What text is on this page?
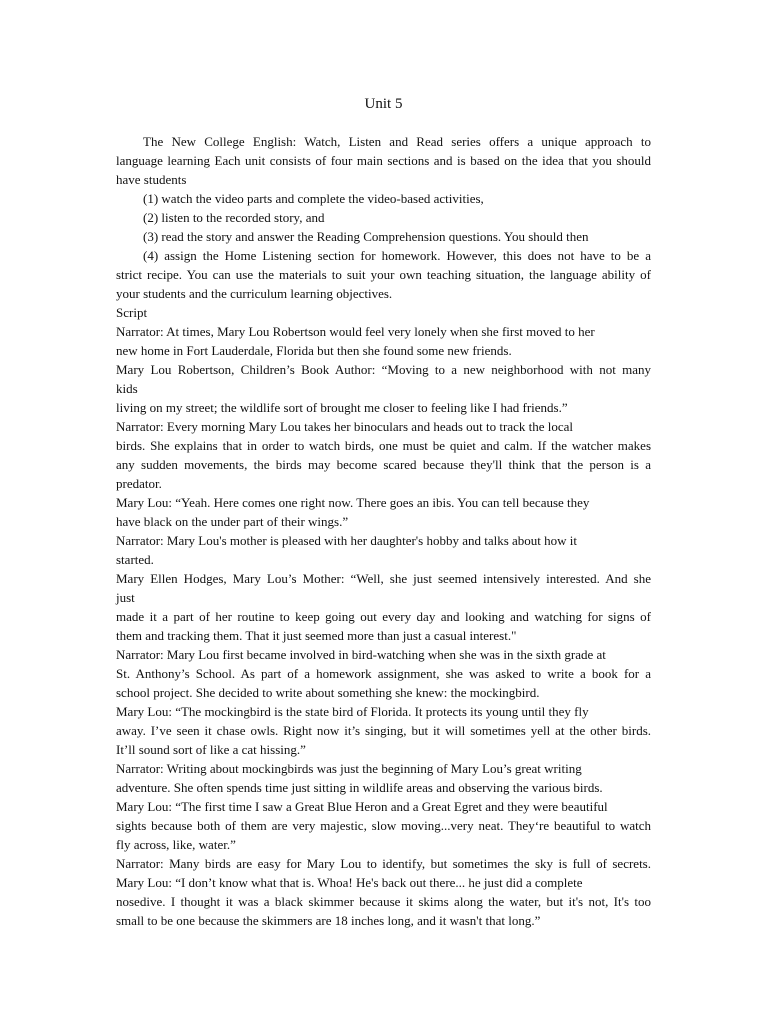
Unit 5
The New College English: Watch, Listen and Read series offers a unique approach to
language learning Each unit consists of four main sections and is based on the idea that you should
have students
(1) watch the video parts and complete the video-based activities,
(2) listen to the recorded story, and
(3) read the story and answer the Reading Comprehension questions. You should then
(4) assign the Home Listening section for homework. However, this does not have to be a
strict recipe. You can use the materials to suit your own teaching situation, the language ability of
your students and the curriculum learning objectives.
Script
Narrator: At times, Mary Lou Robertson would feel very lonely when she first moved to her
new home in Fort Lauderdale, Florida but then she found some new friends.
Mary Lou Robertson, Children’s Book Author: “Moving to a new neighborhood with not many
kids
living on my street; the wildlife sort of brought me closer to feeling like I had friends.”
Narrator: Every morning Mary Lou takes her binoculars and heads out to track the local
birds. She explains that in order to watch birds, one must be quiet and calm. If the watcher makes
any sudden movements, the birds may become scared because they'll think that the person is a
predator.
Mary Lou: “Yeah. Here comes one right now. There goes an ibis. You can tell because they
have black on the under part of their wings.”
Narrator: Mary Lou's mother is pleased with her daughter's hobby and talks about how it
started.
Mary Ellen Hodges, Mary Lou’s Mother: “Well, she just seemed intensively interested. And she
just
made it a part of her routine to keep going out every day and looking and watching for signs of
them and tracking them. That it just seemed more than just a casual interest."
Narrator: Mary Lou first became involved in bird-watching when she was in the sixth grade at
St. Anthony’s School. As part of a homework assignment, she was asked to write a book for a
school project. She decided to write about something she knew: the mockingbird.
Mary Lou: “The mockingbird is the state bird of Florida. It protects its young until they fly
away. I’ve seen it chase owls. Right now it’s singing, but it will sometimes yell at the other birds.
It’ll sound sort of like a cat hissing.”
Narrator: Writing about mockingbirds was just the beginning of Mary Lou’s great writing
adventure. She often spends time just sitting in wildlife areas and observing the various birds.
Mary Lou: “The first time I saw a Great Blue Heron and a Great Egret and they were beautiful
sights because both of them are very majestic, slow moving...very neat. They‘re beautiful to watch
fly across, like, water.”
Narrator: Many birds are easy for Mary Lou to identify, but sometimes the sky is full of secrets.
Mary Lou: “I don’t know what that is. Whoa! He's back out there... he just did a complete
nosedive. I thought it was a black skimmer because it skims along the water, but it's not, It's too
small to be one because the skimmers are 18 inches long, and it wasn't that long.”
